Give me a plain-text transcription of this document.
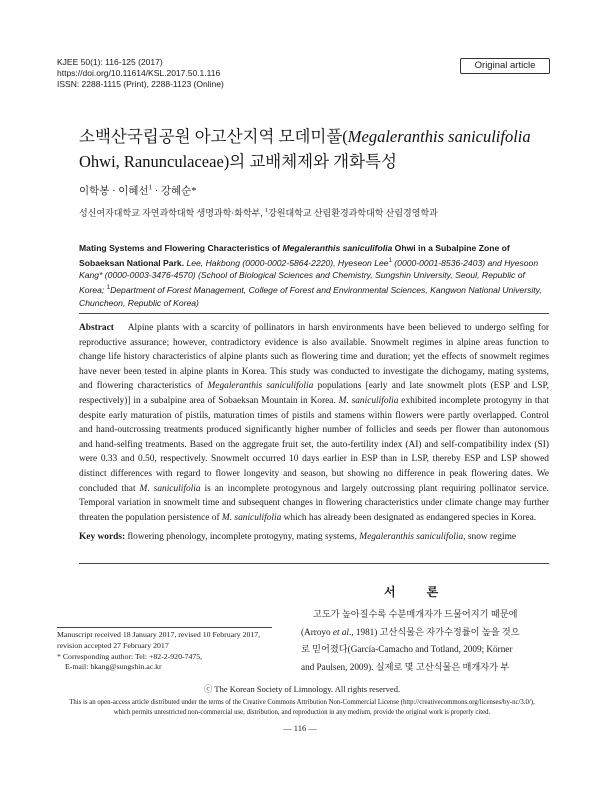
KJEE 50(1): 116-125 (2017)
https://doi.org/10.11614/KSL.2017.50.1.116
ISSN: 2288-1115 (Print), 2288-1123 (Online)
Original article
소백산국립공원 아고산지역 모데미풀(Megaleranthis saniculifolia
Ohwi, Ranunculaceae)의 교배체제와 개화특성
이학봉 · 이혜선$^1$ · 강혜순*
성신여자대학교 자연과학대학 생명과학·화학부, $^1$강원대학교 산림환경과학대학 산림경영학과
Mating Systems and Flowering Characteristics of Megaleranthis saniculifolia Ohwi in a Subalpine Zone of Sobaeksan National Park. Lee, Hakbong (0000-0002-5864-2220), Hyeseon Lee$^1$ (0000-0001-8536-2403) and Hyesoon Kang* (0000-0003-3476-4570) (School of Biological Sciences and Chemistry, Sungshin University, Seoul, Republic of Korea; $^1$Department of Forest Management, College of Forest and Environmental Sciences, Kangwon National University, Chuncheon, Republic of Korea)
Abstract Alpine plants with a scarcity of pollinators in harsh environments have been believed to undergo selfing for reproductive assurance; however, contradictory evidence is also available. Snowmelt regimes in alpine areas function to change life history characteristics of alpine plants such as flowering time and duration; yet the effects of snowmelt regimes have never been tested in alpine plants in Korea. This study was conducted to investigate the dichogamy, mating systems, and flowering characteristics of Megaleranthis saniculifolia populations [early and late snowmelt plots (ESP and LSP, respectively)] in a subalpine area of Sobaeksan Mountain in Korea. M. saniculifolia exhibited incomplete protogyny in that despite early maturation of pistils, maturation times of pistils and stamens within flowers were partly overlapped. Control and hand-outcrossing treatments produced significantly higher number of follicles and seeds per flower than autonomous and hand-selfing treatments. Based on the aggregate fruit set, the auto-fertility index (AI) and self-compatibility index (SI) were 0.33 and 0.50, respectively. Snowmelt occurred 10 days earlier in ESP than in LSP, thereby ESP and LSP showed distinct differences with regard to flower longevity and season, but showing no difference in peak flowering dates. We concluded that M. saniculifolia is an incomplete protogynous and largely outcrossing plant requiring pollinator service. Temporal variation in snowmelt time and subsequent changes in flowering characteristics under climate change may further threaten the population persistence of M. saniculifolia which has already been designated as endangered species in Korea.
Key words: flowering phenology, incomplete protogyny, mating systems, Megaleranthis saniculifolia, snow regime
서 론
고도가 높아질수록 수분매개자가 드물어지기 때문에
(Arroyo et al., 1981) 고산식물은 자가수정률이 높을 것으
로 믿어졌다(García-Camacho and Totland, 2009; Körner
and Paulsen, 2009). 실제로 몇 고산식물은 매개자가 부
Manuscript received 18 January 2017, revised 10 February 2017,
revision accepted 27 February 2017
* Corresponding author: Tel: +82-2-920-7475,
E-mail: hkang@sungshin.ac.kr
ⓒ The Korean Society of Limnology. All rights reserved.
This is an open-access article distributed under the terms of the Creative Commons Attribution Non-Commercial License (http://creativecommons.org/licenses/by-nc/3.0/),
which permits unrestricted non-commercial use, distribution, and reproduction in any medium, provide the original work is properly cited.
— 116 —
